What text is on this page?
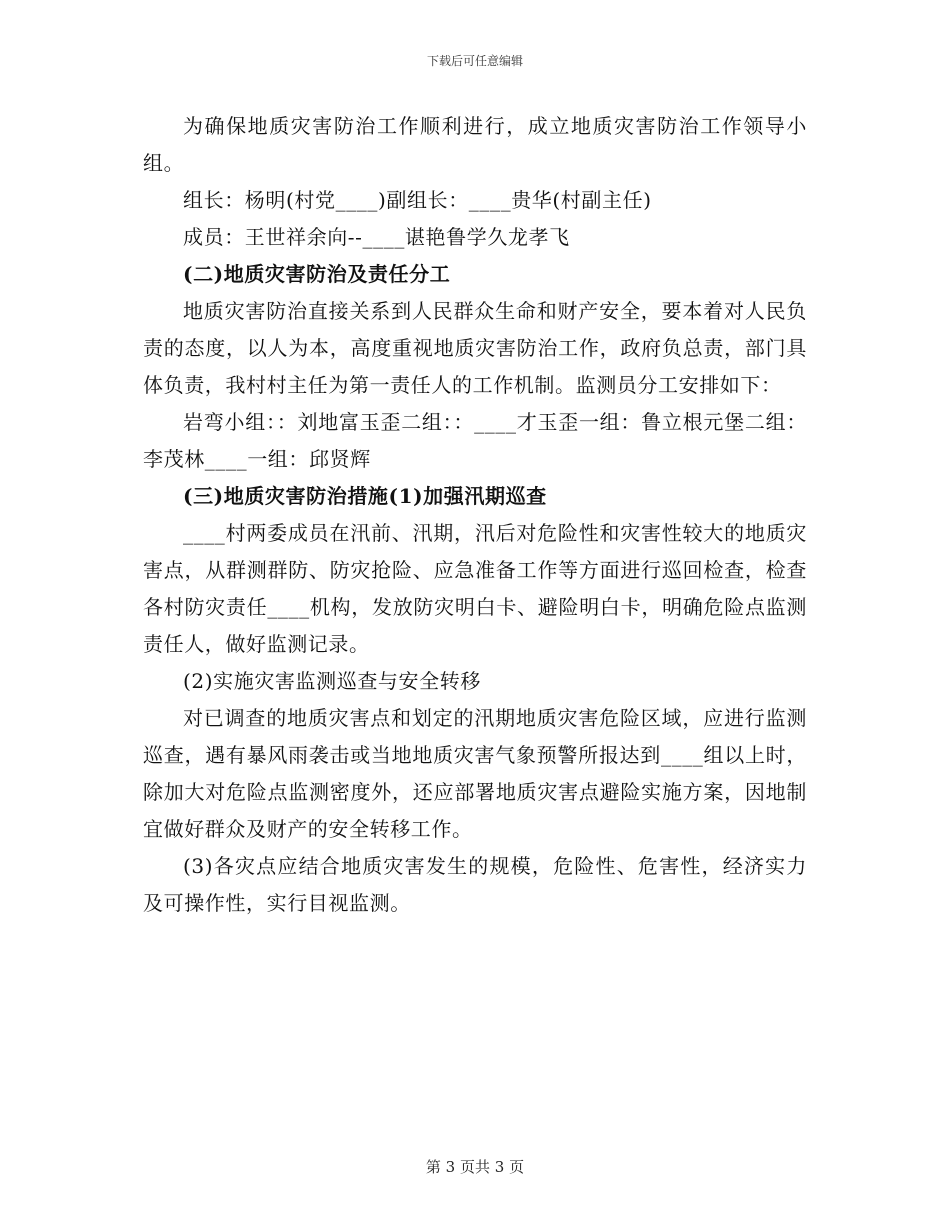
下载后可任意编辑

为确保地质灾害防治工作顺利进行，成立地质灾害防治工作领导小组。

组长：杨明(村党____)副组长：____贵华(村副主任)

成员：王世祥余向--____谌艳鲁学久龙孝飞

(二)地质灾害防治及责任分工

地质灾害防治直接关系到人民群众生命和财产安全，要本着对人民负责的态度，以人为本，高度重视地质灾害防治工作，政府负总责，部门具体负责，我村村主任为第一责任人的工作机制。监测员分工安排如下：

岩弯小组：：刘地富玉歪二组：：____才玉歪一组：鲁立根元堡二组：李茂林____一组：邱贤辉

(三)地质灾害防治措施(1)加强汛期巡查

____村两委成员在汛前、汛期，汛后对危险性和灾害性较大的地质灾害点，从群测群防、防灾抢险、应急准备工作等方面进行巡回检查，检查各村防灾责任____机构，发放防灾明白卡、避险明白卡，明确危险点监测责任人，做好监测记录。

(2)实施灾害监测巡查与安全转移

对已调查的地质灾害点和划定的汛期地质灾害危险区域，应进行监测巡查，遇有暴风雨袭击或当地地质灾害气象预警所报达到____组以上时，除加大对危险点监测密度外，还应部署地质灾害点避险实施方案，因地制宜做好群众及财产的安全转移工作。

(3)各灾点应结合地质灾害发生的规模，危险性、危害性，经济实力及可操作性，实行目视监测。

第 3 页共 3 页
